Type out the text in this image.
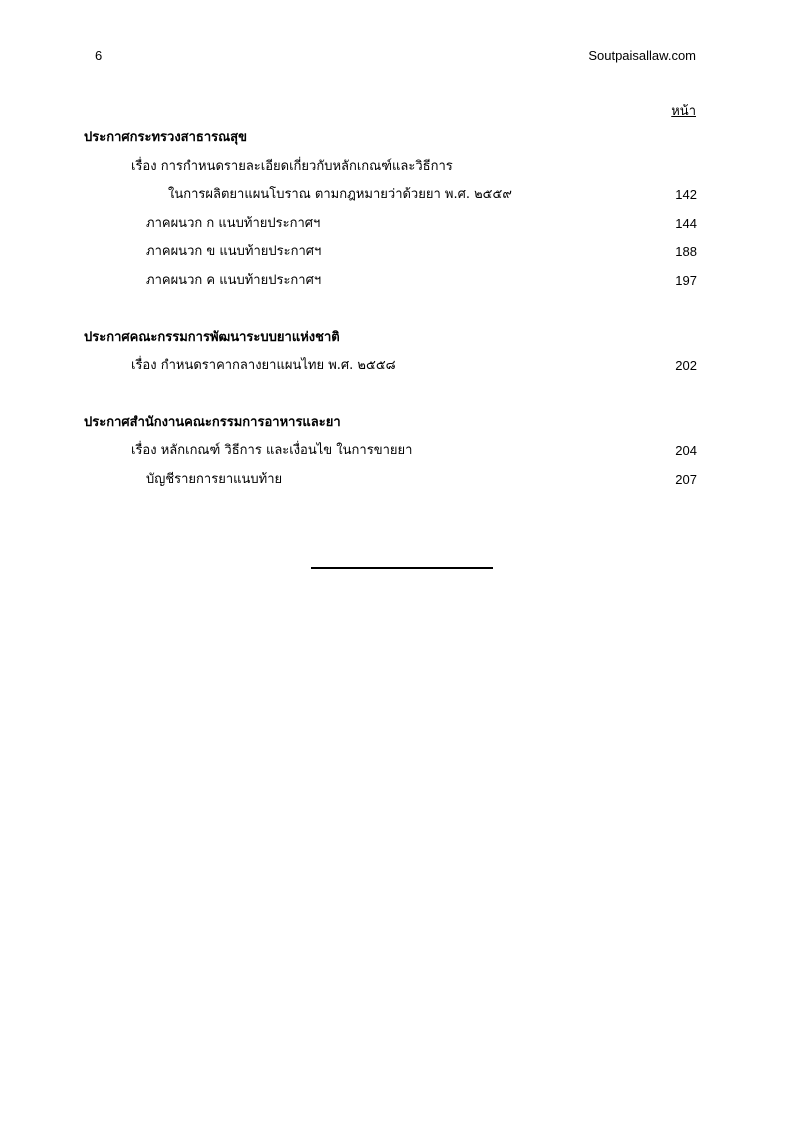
6	Soutpaisallaw.com
หน้า
ประกาศกระทรวงสาธารณสุข
เรื่อง การกำหนดรายละเอียดเกี่ยวกับหลักเกณฑ์และวิธีการ
ในการผลิตยาแผนโบราณ ตามกฎหมายว่าด้วยยา พ.ศ. ๒๕๕๙	142
ภาคผนวก ก แนบท้ายประกาศฯ	144
ภาคผนวก ข แนบท้ายประกาศฯ	188
ภาคผนวก ค แนบท้ายประกาศฯ	197
ประกาศคณะกรรมการพัฒนาระบบยาแห่งชาติ
เรื่อง กำหนดราคากลางยาแผนไทย พ.ศ. ๒๕๕๘	202
ประกาศสำนักงานคณะกรรมการอาหารและยา
เรื่อง หลักเกณฑ์ วิธีการ และเงื่อนไข ในการขายยา	204
บัญชีรายการยาแนบท้าย	207
